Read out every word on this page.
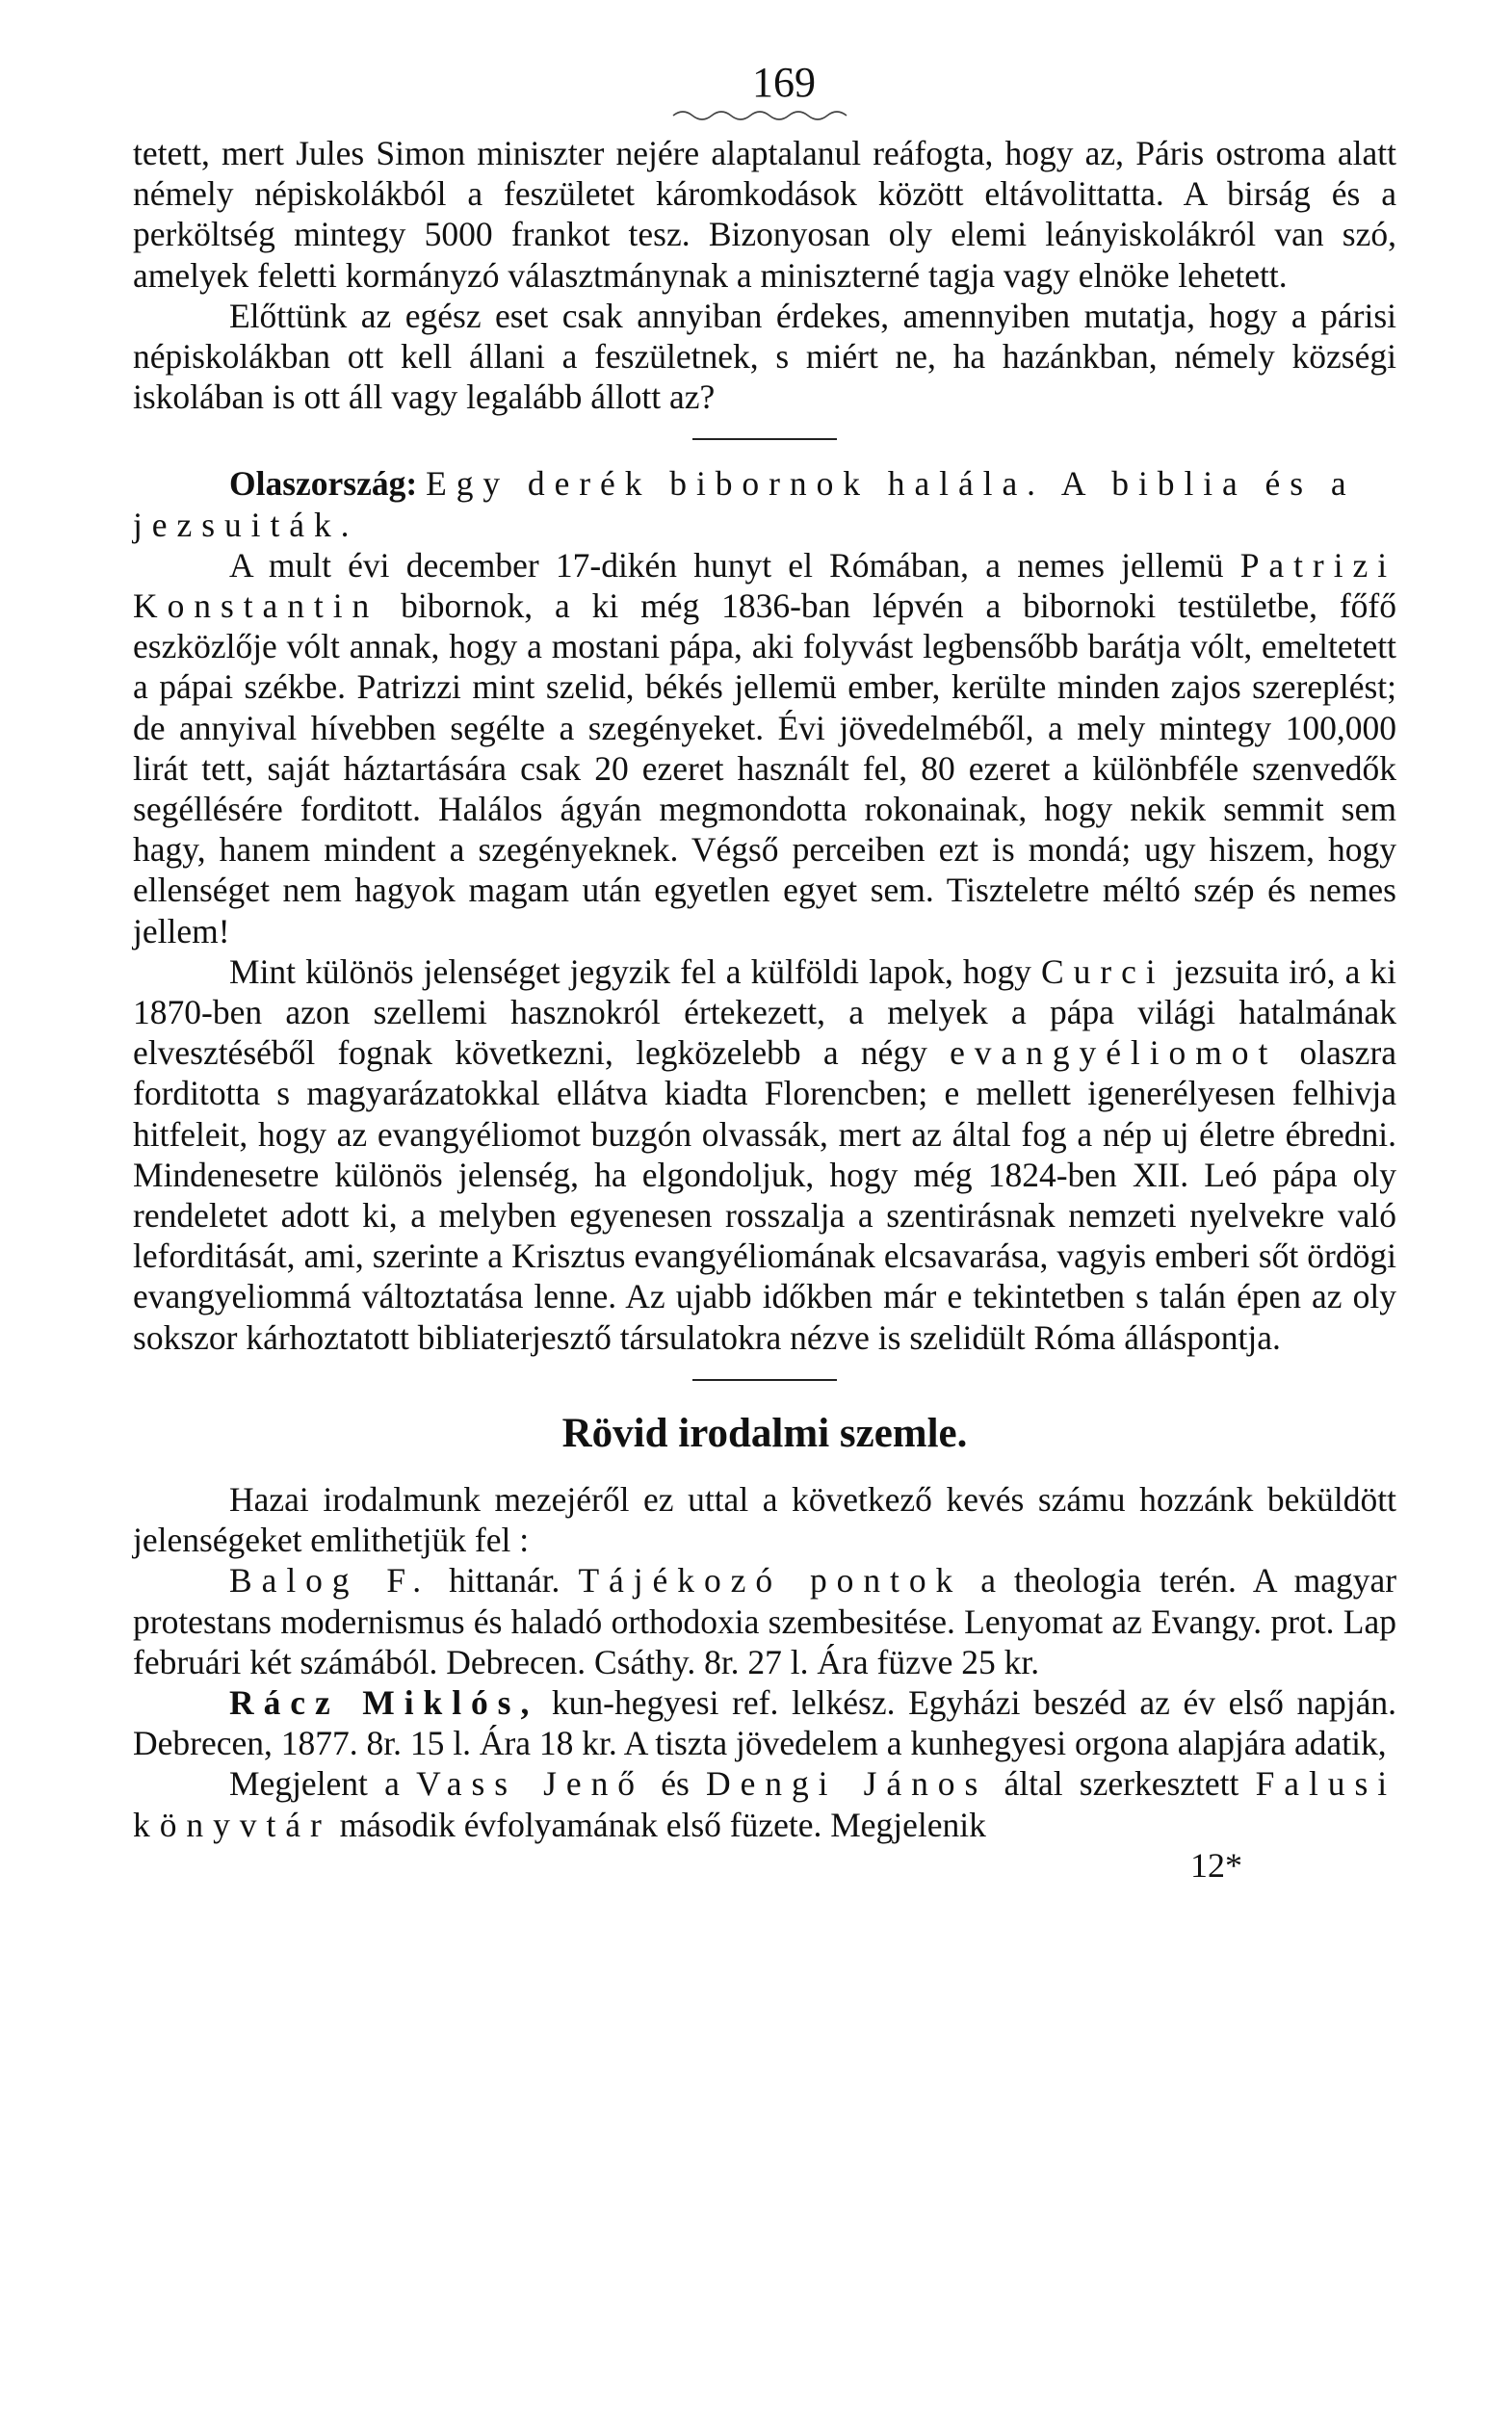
169

tetett, mert Jules Simon miniszter nejére alaptalanul reáfogta, hogy az, Páris ostroma alatt némely népiskolákból a feszületet káromkodások között eltávolittatta. A birság és a perköltség mintegy 5000 frankot tesz. Bizonyosan oly elemi leányiskolákról van szó, amelyek feletti kormányzó választmánynak a miniszterné tagja vagy elnöke lehetett.

Előttünk az egész eset csak annyiban érdekes, amennyiben mutatja, hogy a párisi népiskolákban ott kell állani a feszületnek, s miért ne, ha hazánkban, némely községi iskolában is ott áll vagy legalább állott az?

Olaszország: Egy derék bibornok halála. A biblia és a jezsuiták.

A mult évi december 17-dikén hunyt el Rómában, a nemes jellemü Patrizi Konstantin bibornok, a ki még 1836-ban lépvén a bibornoki testületbe, főfő eszközlője vólt annak, hogy a mostani pápa, aki folyvást legbensőbb barátja vólt, emeltetett a pápai székbe. Patrizzi mint szelid, békés jellemü ember, kerülte minden zajos szereplést; de annyival hívebben segélte a szegényeket. Évi jövedelméből, a mely mintegy 100,000 lirát tett, saját háztartására csak 20 ezeret használt fel, 80 ezeret a különbféle szenvedők segéllésére forditott. Halálos ágyán megmondotta rokonainak, hogy nekik semmit sem hagy, hanem mindent a szegényeknek. Végső perceiben ezt is mondá; ugy hiszem, hogy ellenséget nem hagyok magam után egyetlen egyet sem. Tiszteletre méltó szép és nemes jellem!

Mint különös jelenséget jegyzik fel a külföldi lapok, hogy Curci jezsuita iró, a ki 1870-ben azon szellemi hasznokról értekezett, a melyek a pápa világi hatalmának elvesztéséből fognak következni, legközelebb a négy evangyéliomot olaszra forditotta s magyarázatokkal ellátva kiadta Florencben; e mellett igenerélyesen felhivja hitfeleit, hogy az evangyéliomot buzgón olvassák, mert az által fog a nép uj életre ébredni. Mindenesetre különös jelenség, ha elgondoljuk, hogy még 1824-ben XII. Leó pápa oly rendeletet adott ki, a melyben egyenesen rosszalja a szentirásnak nemzeti nyelvekre való leforditását, ami, szerinte a Krisztus evangyéliomának elcsavarása, vagyis emberi sőt ördögi evangyeliommá változtatása lenne. Az ujabb időkben már e tekintetben s talán épen az oly sokszor kárhoztatott bibliaterjesztő társulatokra nézve is szelidült Róma álláspontja.

Rövid irodalmi szemle.

Hazai irodalmunk mezejéről ez uttal a következő kevés számu hozzánk beküldött jelenségeket emlithetjük fel :

Balog F. hittanár. Tájékozó pontok a theologia terén. A magyar protestans modernismus és haladó orthodoxia szembesitése. Lenyomat az Evangy. prot. Lap februári két számából. Debrecen. Csáthy. 8r. 27 l. Ára füzve 25 kr.

Rácz Miklós, kun-hegyesi ref. lelkész. Egyházi beszéd az év első napján. Debrecen, 1877. 8r. 15 l. Ára 18 kr. A tiszta jövedelem a kunhegyesi orgona alapjára adatik,

Megjelent a Vass Jenő és Dengi János által szerkesztett Falusi könyvtár második évfolyamának első füzete. Megjelenik

12*
